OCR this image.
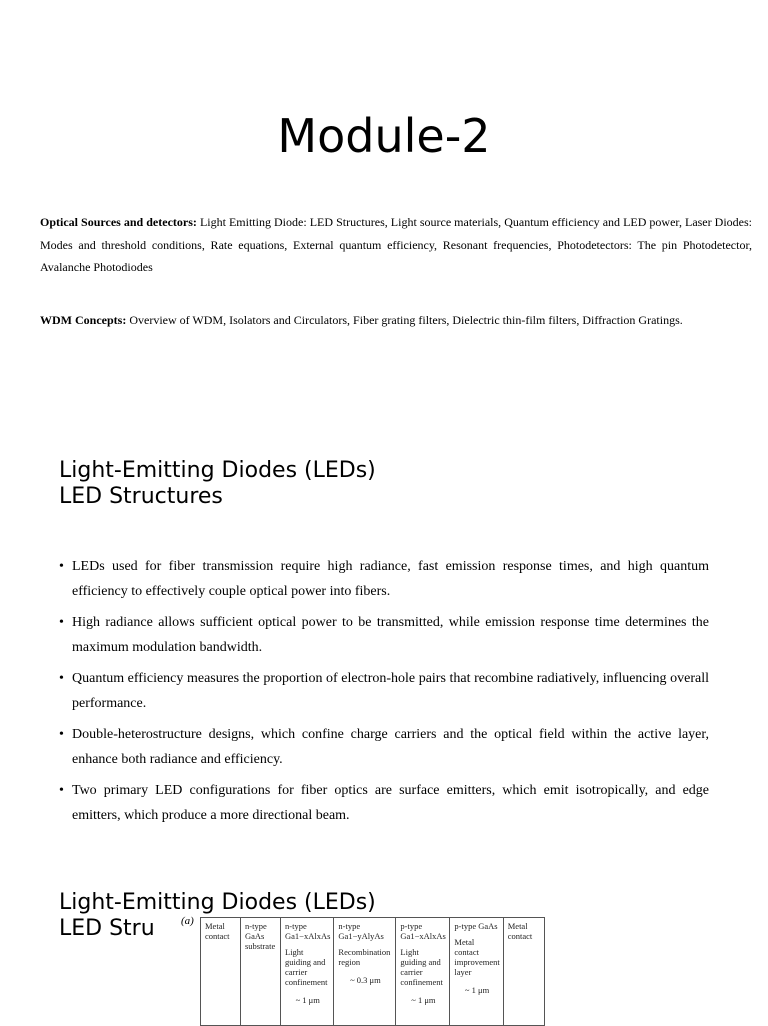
Module-2

Optical Sources and detectors: Light Emitting Diode: LED Structures, Light source materials, Quantum efficiency and LED power, Laser Diodes: Modes and threshold conditions, Rate equations, External quantum efficiency, Resonant frequencies, Photodetectors: The pin Photodetector, Avalanche Photodiodes

WDM Concepts: Overview of WDM, Isolators and Circulators, Fiber grating filters, Dielectric thin-film filters, Diffraction Gratings.

Light-Emitting Diodes (LEDs)
LED Structures
• LEDs used for fiber transmission require high radiance, fast emission response times, and high quantum efficiency to effectively couple optical power into fibers.
• High radiance allows sufficient optical power to be transmitted, while emission response time determines the maximum modulation bandwidth.
• Quantum efficiency measures the proportion of electron-hole pairs that recombine radiatively, influencing overall performance.
• Double-heterostructure designs, which confine charge carriers and the optical field within the active layer, enhance both radiance and efficiency.
• Two primary LED configurations for fiber optics are surface emitters, which emit isotropically, and edge emitters, which produce a more directional beam.
Light-Emitting Diodes (LEDs)
LED Stru	(a) Metal contact

n-type GaAs substrate

n-type Ga1−xAlxAs
Light guiding and carrier confinement
~ 1 μm

n-type Ga1−yAlyAs
Recombination region
~ 0.3 μm

p-type Ga1−xAlxAs
Light guiding and carrier confinement
~ 1 μm

p-type GaAs
Metal contact improvement layer
~ 1 μm

Metal contact
